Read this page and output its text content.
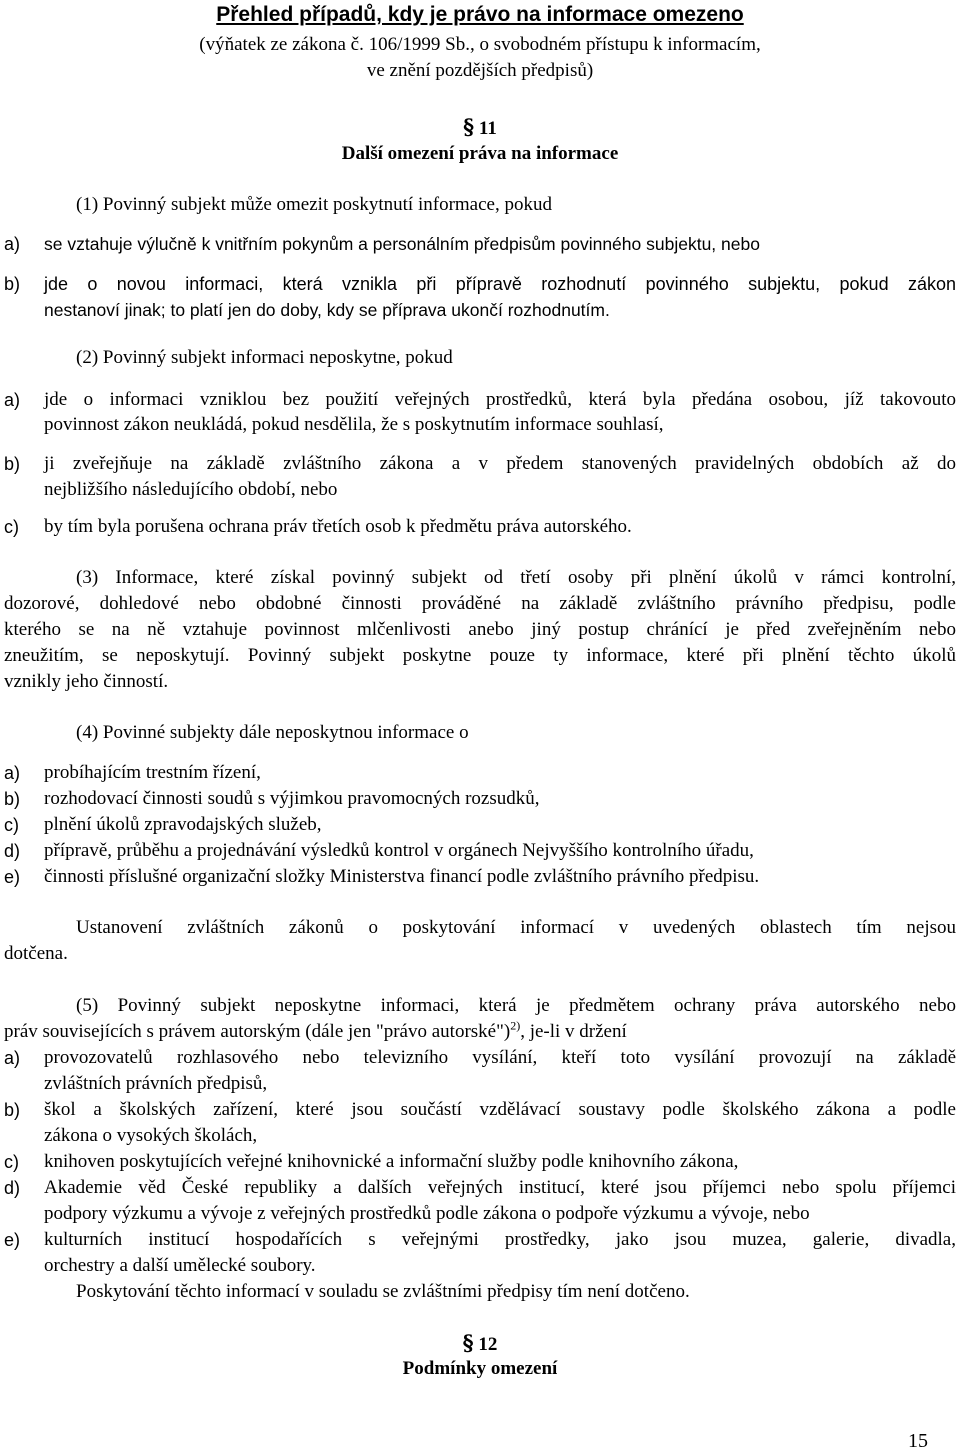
Přehled případů, kdy je právo na informace omezeno
(výňatek ze zákona č. 106/1999 Sb., o svobodném přístupu k informacím,
ve znění pozdějších předpisů)
§ 11
Další omezení práva na informace
(1) Povinný subjekt může omezit poskytnutí informace, pokud
a) se vztahuje výlučně k vnitřním pokynům a personálním předpisům povinného subjektu, nebo
b) jde o novou informaci, která vznikla při přípravě rozhodnutí povinného subjektu, pokud zákon
nestanoví jinak; to platí jen do doby, kdy se příprava ukončí rozhodnutím.
(2) Povinný subjekt informaci neposkytne, pokud
a) jde o informaci vzniklou bez použití veřejných prostředků, která byla předána osobou, jíž takovouto
povinnost zákon neukládá, pokud nesdělila, že s poskytnutím informace souhlasí,
b) ji zveřejňuje na základě zvláštního zákona a v předem stanovených pravidelných obdobích až do
nejbližšího následujícího období, nebo
c) by tím byla porušena ochrana práv třetích osob k předmětu práva autorského.
(3) Informace, které získal povinný subjekt od třetí osoby při plnění úkolů v rámci kontrolní,
dozorové, dohledové nebo obdobné činnosti prováděné na základě zvláštního právního předpisu, podle
kterého se na ně vztahuje povinnost mlčenlivosti anebo jiný postup chránící je před zveřejněním nebo
zneužitím, se neposkytují. Povinný subjekt poskytne pouze ty informace, které při plnění těchto úkolů
vznikly jeho činností.
(4) Povinné subjekty dále neposkytnou informace o
a) probíhajícím trestním řízení,
b) rozhodovací činnosti soudů s výjimkou pravomocných rozsudků,
c) plnění úkolů zpravodajských služeb,
d) přípravě, průběhu a projednávání výsledků kontrol v orgánech Nejvyššího kontrolního úřadu,
e) činnosti příslušné organizační složky Ministerstva financí podle zvláštního právního předpisu.
Ustanovení zvláštních zákonů o poskytování informací v uvedených oblastech tím nejsou
dotčena.
(5) Povinný subjekt neposkytne informaci, která je předmětem ochrany práva autorského nebo
práv souvisejících s právem autorským (dále jen "právo autorské")$^{2)}$, je-li v držení
a) provozovatelů rozhlasového nebo televizního vysílání, kteří toto vysílání provozují na základě
zvláštních právních předpisů,
b) škol a školských zařízení, které jsou součástí vzdělávací soustavy podle školského zákona a podle
zákona o vysokých školách,
c) knihoven poskytujících veřejné knihovnické a informační služby podle knihovního zákona,
d) Akademie věd České republiky a dalších veřejných institucí, které jsou příjemci nebo spolu příjemci
podpory výzkumu a vývoje z veřejných prostředků podle zákona o podpoře výzkumu a vývoje, nebo
e) kulturních institucí hospodařících s veřejnými prostředky, jako jsou muzea, galerie, divadla,
orchestry a další umělecké soubory.
Poskytování těchto informací v souladu se zvláštními předpisy tím není dotčeno.
§ 12
Podmínky omezení
15
